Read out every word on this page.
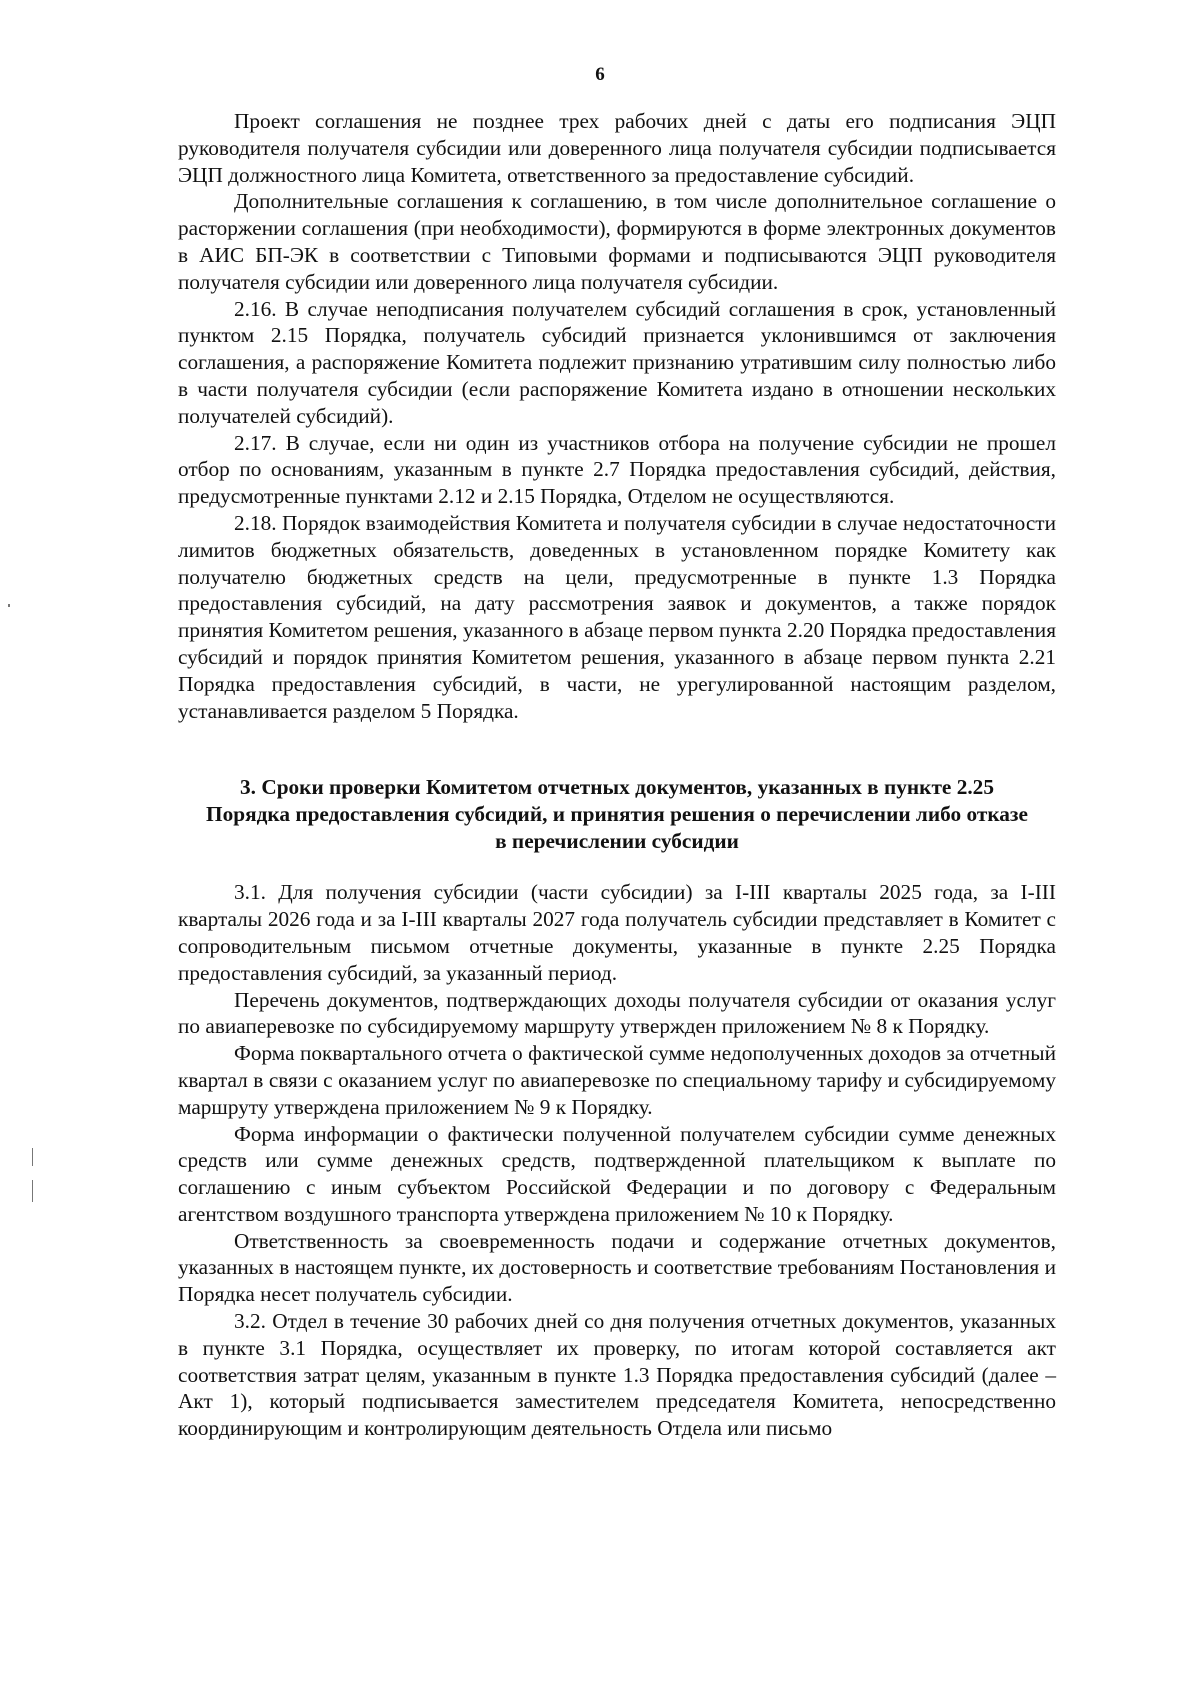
6

Проект соглашения не позднее трех рабочих дней с даты его подписания ЭЦП руководителя получателя субсидии или доверенного лица получателя субсидии подписывается ЭЦП должностного лица Комитета, ответственного за предоставление субсидий.

Дополнительные соглашения к соглашению, в том числе дополнительное соглашение о расторжении соглашения (при необходимости), формируются в форме электронных документов в АИС БП-ЭК в соответствии с Типовыми формами и подписываются ЭЦП руководителя получателя субсидии или доверенного лица получателя субсидии.

2.16. В случае неподписания получателем субсидий соглашения в срок, установленный пунктом 2.15 Порядка, получатель субсидий признается уклонившимся от заключения соглашения, а распоряжение Комитета подлежит признанию утратившим силу полностью либо в части получателя субсидии (если распоряжение Комитета издано в отношении нескольких получателей субсидий).

2.17. В случае, если ни один из участников отбора на получение субсидии не прошел отбор по основаниям, указанным в пункте 2.7 Порядка предоставления субсидий, действия, предусмотренные пунктами 2.12 и 2.15 Порядка, Отделом не осуществляются.

2.18. Порядок взаимодействия Комитета и получателя субсидии в случае недостаточности лимитов бюджетных обязательств, доведенных в установленном порядке Комитету как получателю бюджетных средств на цели, предусмотренные в пункте 1.3 Порядка предоставления субсидий, на дату рассмотрения заявок и документов, а также порядок принятия Комитетом решения, указанного в абзаце первом пункта 2.20 Порядка предоставления субсидий и порядок принятия Комитетом решения, указанного в абзаце первом пункта 2.21 Порядка предоставления субсидий, в части, не урегулированной настоящим разделом, устанавливается разделом 5 Порядка.

3. Сроки проверки Комитетом отчетных документов, указанных в пункте 2.25
Порядка предоставления субсидий, и принятия решения о перечислении либо отказе
в перечислении субсидии

3.1. Для получения субсидии (части субсидии) за I-III кварталы 2025 года, за I-III кварталы 2026 года и за I-III кварталы 2027 года получатель субсидии представляет в Комитет с сопроводительным письмом отчетные документы, указанные в пункте 2.25 Порядка предоставления субсидий, за указанный период.

Перечень документов, подтверждающих доходы получателя субсидии от оказания услуг по авиаперевозке по субсидируемому маршруту утвержден приложением № 8 к Порядку.

Форма поквартального отчета о фактической сумме недополученных доходов за отчетный квартал в связи с оказанием услуг по авиаперевозке по специальному тарифу и субсидируемому маршруту утверждена приложением № 9 к Порядку.

Форма информации о фактически полученной получателем субсидии сумме денежных средств или сумме денежных средств, подтвержденной плательщиком к выплате по соглашению с иным субъектом Российской Федерации и по договору с Федеральным агентством воздушного транспорта утверждена приложением № 10 к Порядку.

Ответственность за своевременность подачи и содержание отчетных документов, указанных в настоящем пункте, их достоверность и соответствие требованиям Постановления и Порядка несет получатель субсидии.

3.2. Отдел в течение 30 рабочих дней со дня получения отчетных документов, указанных в пункте 3.1 Порядка, осуществляет их проверку, по итогам которой составляется акт соответствия затрат целям, указанным в пункте 1.3 Порядка предоставления субсидий (далее – Акт 1), который подписывается заместителем председателя Комитета, непосредственно координирующим и контролирующим деятельность Отдела или письмо
